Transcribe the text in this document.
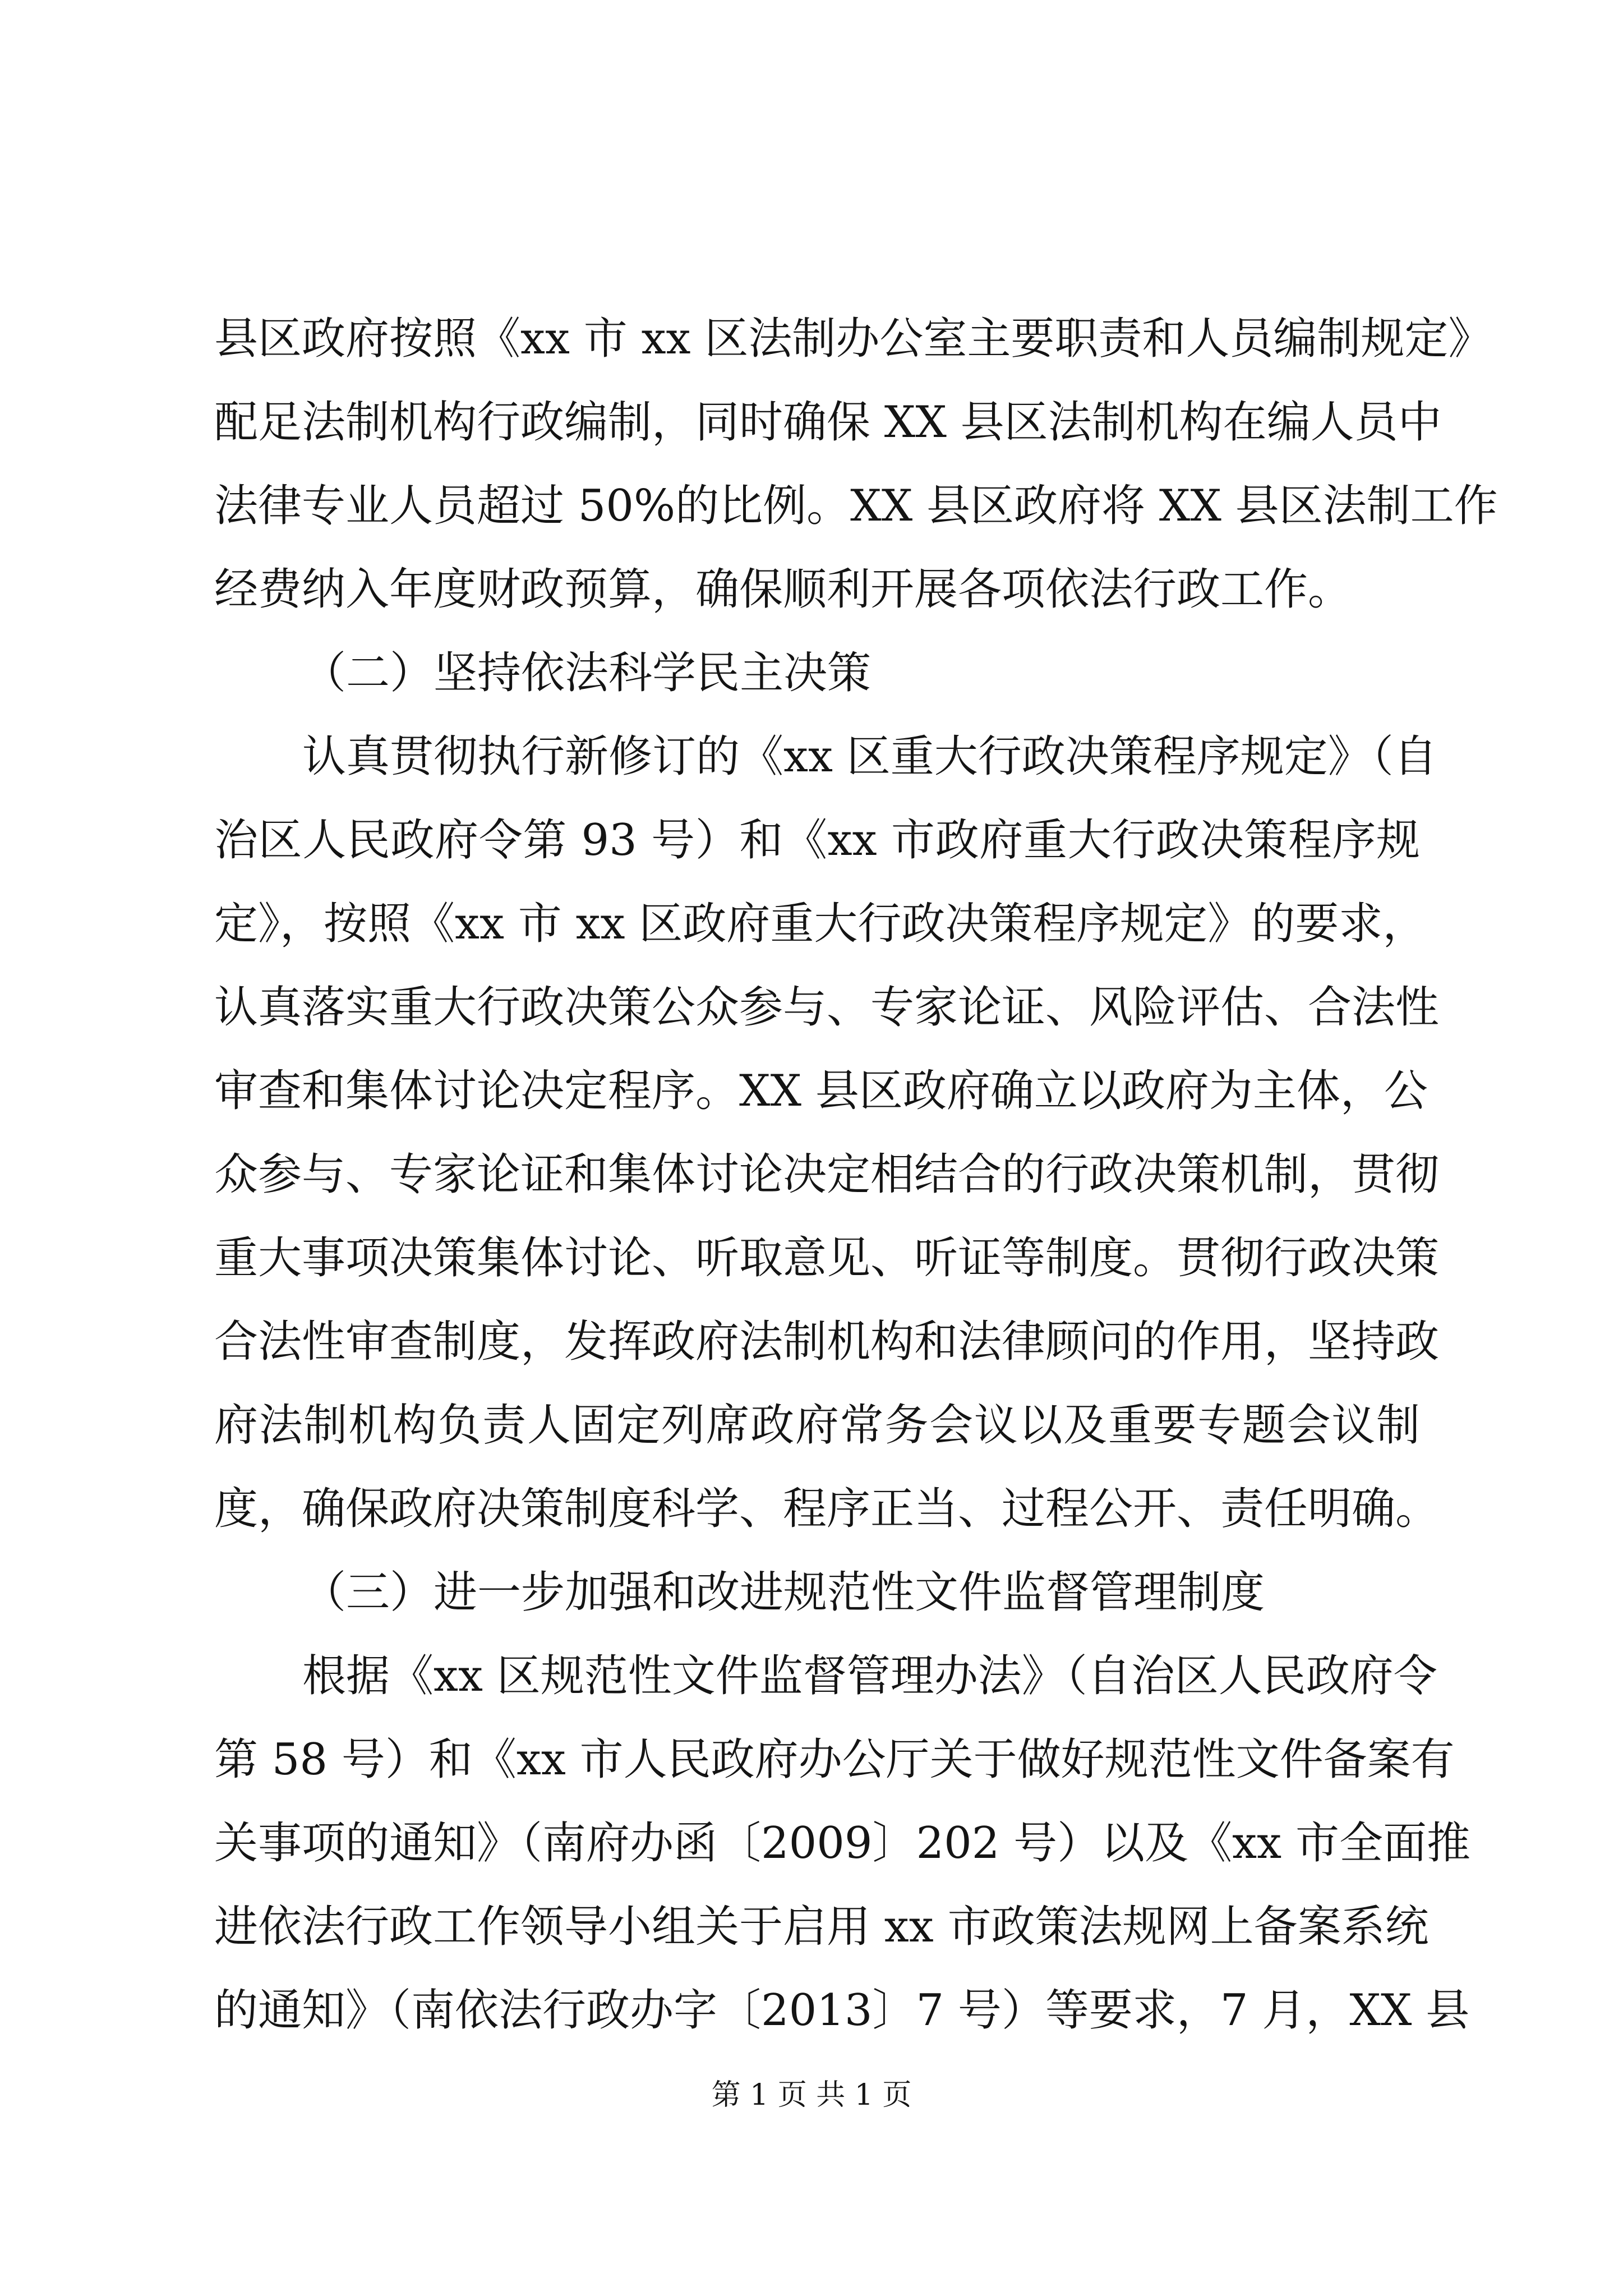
县区政府按照《xx 市 xx 区法制办公室主要职责和人员编制规定》
配足法制机构行政编制，同时确保 XX 县区法制机构在编人员中
法律专业人员超过 50%的比例。XX 县区政府将 XX 县区法制工作
经费纳入年度财政预算，确保顺利开展各项依法行政工作。
（二）坚持依法科学民主决策
认真贯彻执行新修订的《xx 区重大行政决策程序规定》（自
治区人民政府令第 93 号）和《xx 市政府重大行政决策程序规
定》，按照《xx 市 xx 区政府重大行政决策程序规定》的要求，
认真落实重大行政决策公众参与、专家论证、风险评估、合法性
审查和集体讨论决定程序。XX 县区政府确立以政府为主体，公
众参与、专家论证和集体讨论决定相结合的行政决策机制，贯彻
重大事项决策集体讨论、听取意见、听证等制度。贯彻行政决策
合法性审查制度，发挥政府法制机构和法律顾问的作用，坚持政
府法制机构负责人固定列席政府常务会议以及重要专题会议制
度，确保政府决策制度科学、程序正当、过程公开、责任明确。
（三）进一步加强和改进规范性文件监督管理制度
根据《xx 区规范性文件监督管理办法》（自治区人民政府令
第 58 号）和《xx 市人民政府办公厅关于做好规范性文件备案有
关事项的通知》（南府办函〔2009〕202 号）以及《xx 市全面推
进依法行政工作领导小组关于启用 xx 市政策法规网上备案系统
的通知》（南依法行政办字〔2013〕7 号）等要求，7 月，XX 县
第 1 页 共 1 页
